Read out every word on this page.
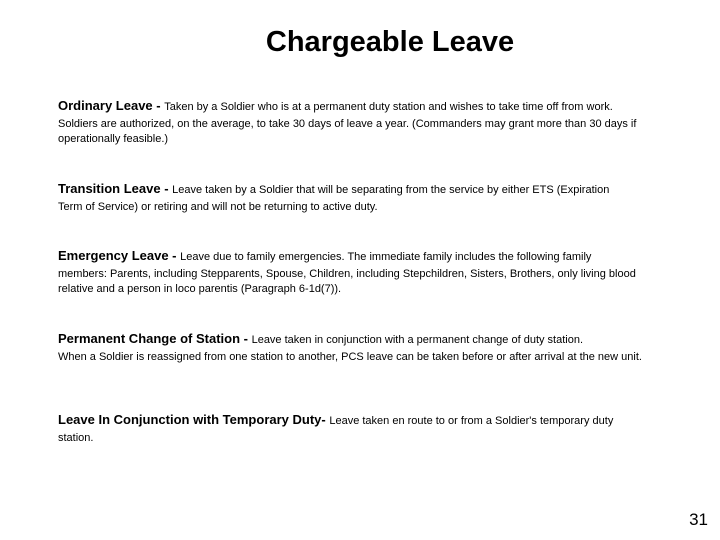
Chargeable Leave
Ordinary Leave - Taken by a Soldier who is at a permanent duty station and wishes to take time off from work.
Soldiers are authorized, on the average, to take 30 days of leave a year. (Commanders may grant more than 30 days if operationally feasible.)
Transition Leave - Leave taken by a Soldier that will be separating from the service by either ETS (Expiration
Term of Service) or retiring and will not be returning to active duty.
Emergency Leave - Leave due to family emergencies. The immediate family includes the following family
members: Parents, including Stepparents, Spouse, Children, including Stepchildren, Sisters, Brothers, only living blood relative and a person in loco parentis (Paragraph 6-1d(7)).
Permanent Change of Station - Leave taken in conjunction with a permanent change of duty station.
When a Soldier is reassigned from one station to another, PCS leave can be taken before or after arrival at the new unit.
Leave In Conjunction with Temporary Duty- Leave taken en route to or from a Soldier's temporary duty
station.
31
